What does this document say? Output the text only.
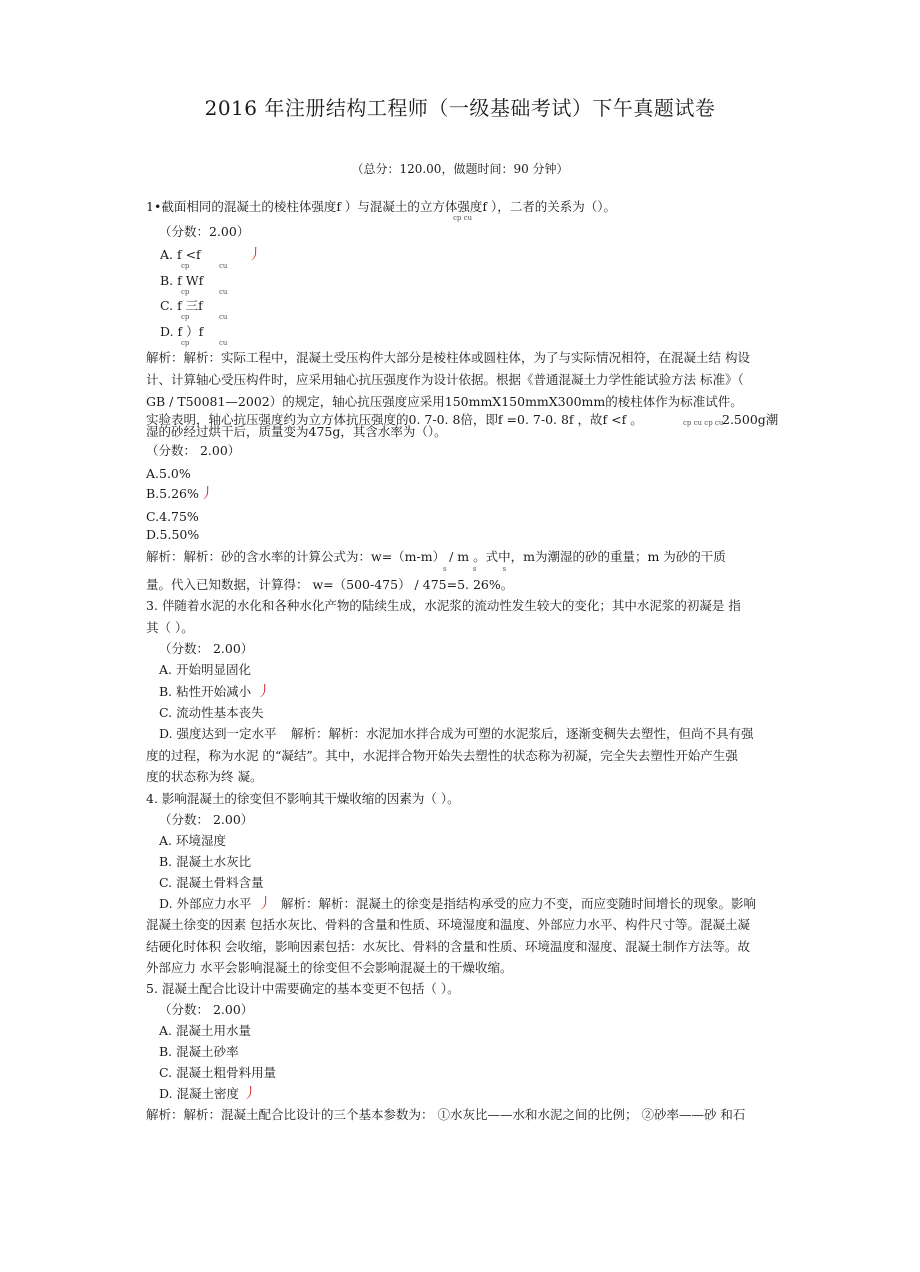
2016 年注册结构工程师（一级基础考试）下午真题试卷
（总分：120.00，做题时间：90 分钟）
1•截面相同的混凝土的棱柱体强度f ）与混凝土的立方体强度f ），二者的关系为（）。
cp cu
（分数：2.00）
A. f <f	丿
cp	cu
B. f Wf
cp	cu
C. f 三f
cp	cu
D. f ）f
cp	cu
解析：解析：实际工程中，混凝土受压构件大部分是棱柱体或圆柱体，为了与实际情况相符，在混凝土结 构设
计、计算轴心受压构件时，应采用轴心抗压强度作为设计依据。根据《普通混凝土力学性能试验方法 标准》（
GB / T50081—2002）的规定，轴心抗压强度应采用150mmX150mmX300mm的棱柱体作为标准试件。
实验表明，轴心抗压强度约为立方体抗压强度的0. 7-0. 8倍，即f =0. 7-0. 8f ，故f <f 。	cp cu cp cu
2.500g潮
湿的砂经过烘干后，质量变为475g，其含水率为（）。
（分数： 2.00）
A.5.0%
B.5.26% 丿
C.4.75%
D.5.50%
解析：解析：砂的含水率的计算公式为：w=（m-m） / m 。式中，m为潮湿的砂的重量；m 为砂的干质
s s s
量。代入已知数据，计算得： w=（500-475） / 475=5. 26%。
3. 伴随着水泥的水化和各种水化产物的陆续生成，水泥浆的流动性发生较大的变化；其中水泥浆的初凝是 指
其（ ）。
（分数： 2.00）
A. 开始明显固化
B. 粘性开始减小 丿
C. 流动性基本丧失
D. 强度达到一定水平 解析：解析：水泥加水拌合成为可塑的水泥浆后，逐渐变稠失去塑性，但尚不具有强
度的过程，称为水泥 的“凝结”。其中，水泥拌合物开始失去塑性的状态称为初凝，完全失去塑性开始产生强
度的状态称为终 凝。
4. 影响混凝土的徐变但不影响其干燥收缩的因素为（ ）。
（分数： 2.00）
A. 环境湿度
B. 混凝土水灰比
C. 混凝土骨料含量
D. 外部应力水平 丿 解析：解析：混凝土的徐变是指结构承受的应力不变，而应变随时间增长的现象。影响
混凝土徐变的因素 包括水灰比、骨料的含量和性质、环境湿度和温度、外部应力水平、构件尺寸等。混凝土凝
结硬化时体积 会收缩，影响因素包括：水灰比、骨料的含量和性质、环境温度和湿度、混凝土制作方法等。故
外部应力 水平会影响混凝土的徐变但不会影响混凝土的干燥收缩。
5. 混凝土配合比设计中需要确定的基本变更不包括（ ）。
（分数： 2.00）
A. 混凝土用水量
B. 混凝土砂率
C. 混凝土粗骨料用量
D. 混凝土密度 丿
解析：解析：混凝土配合比设计的三个基本参数为： ①水灰比——水和水泥之间的比例； ②砂率——砂 和石
